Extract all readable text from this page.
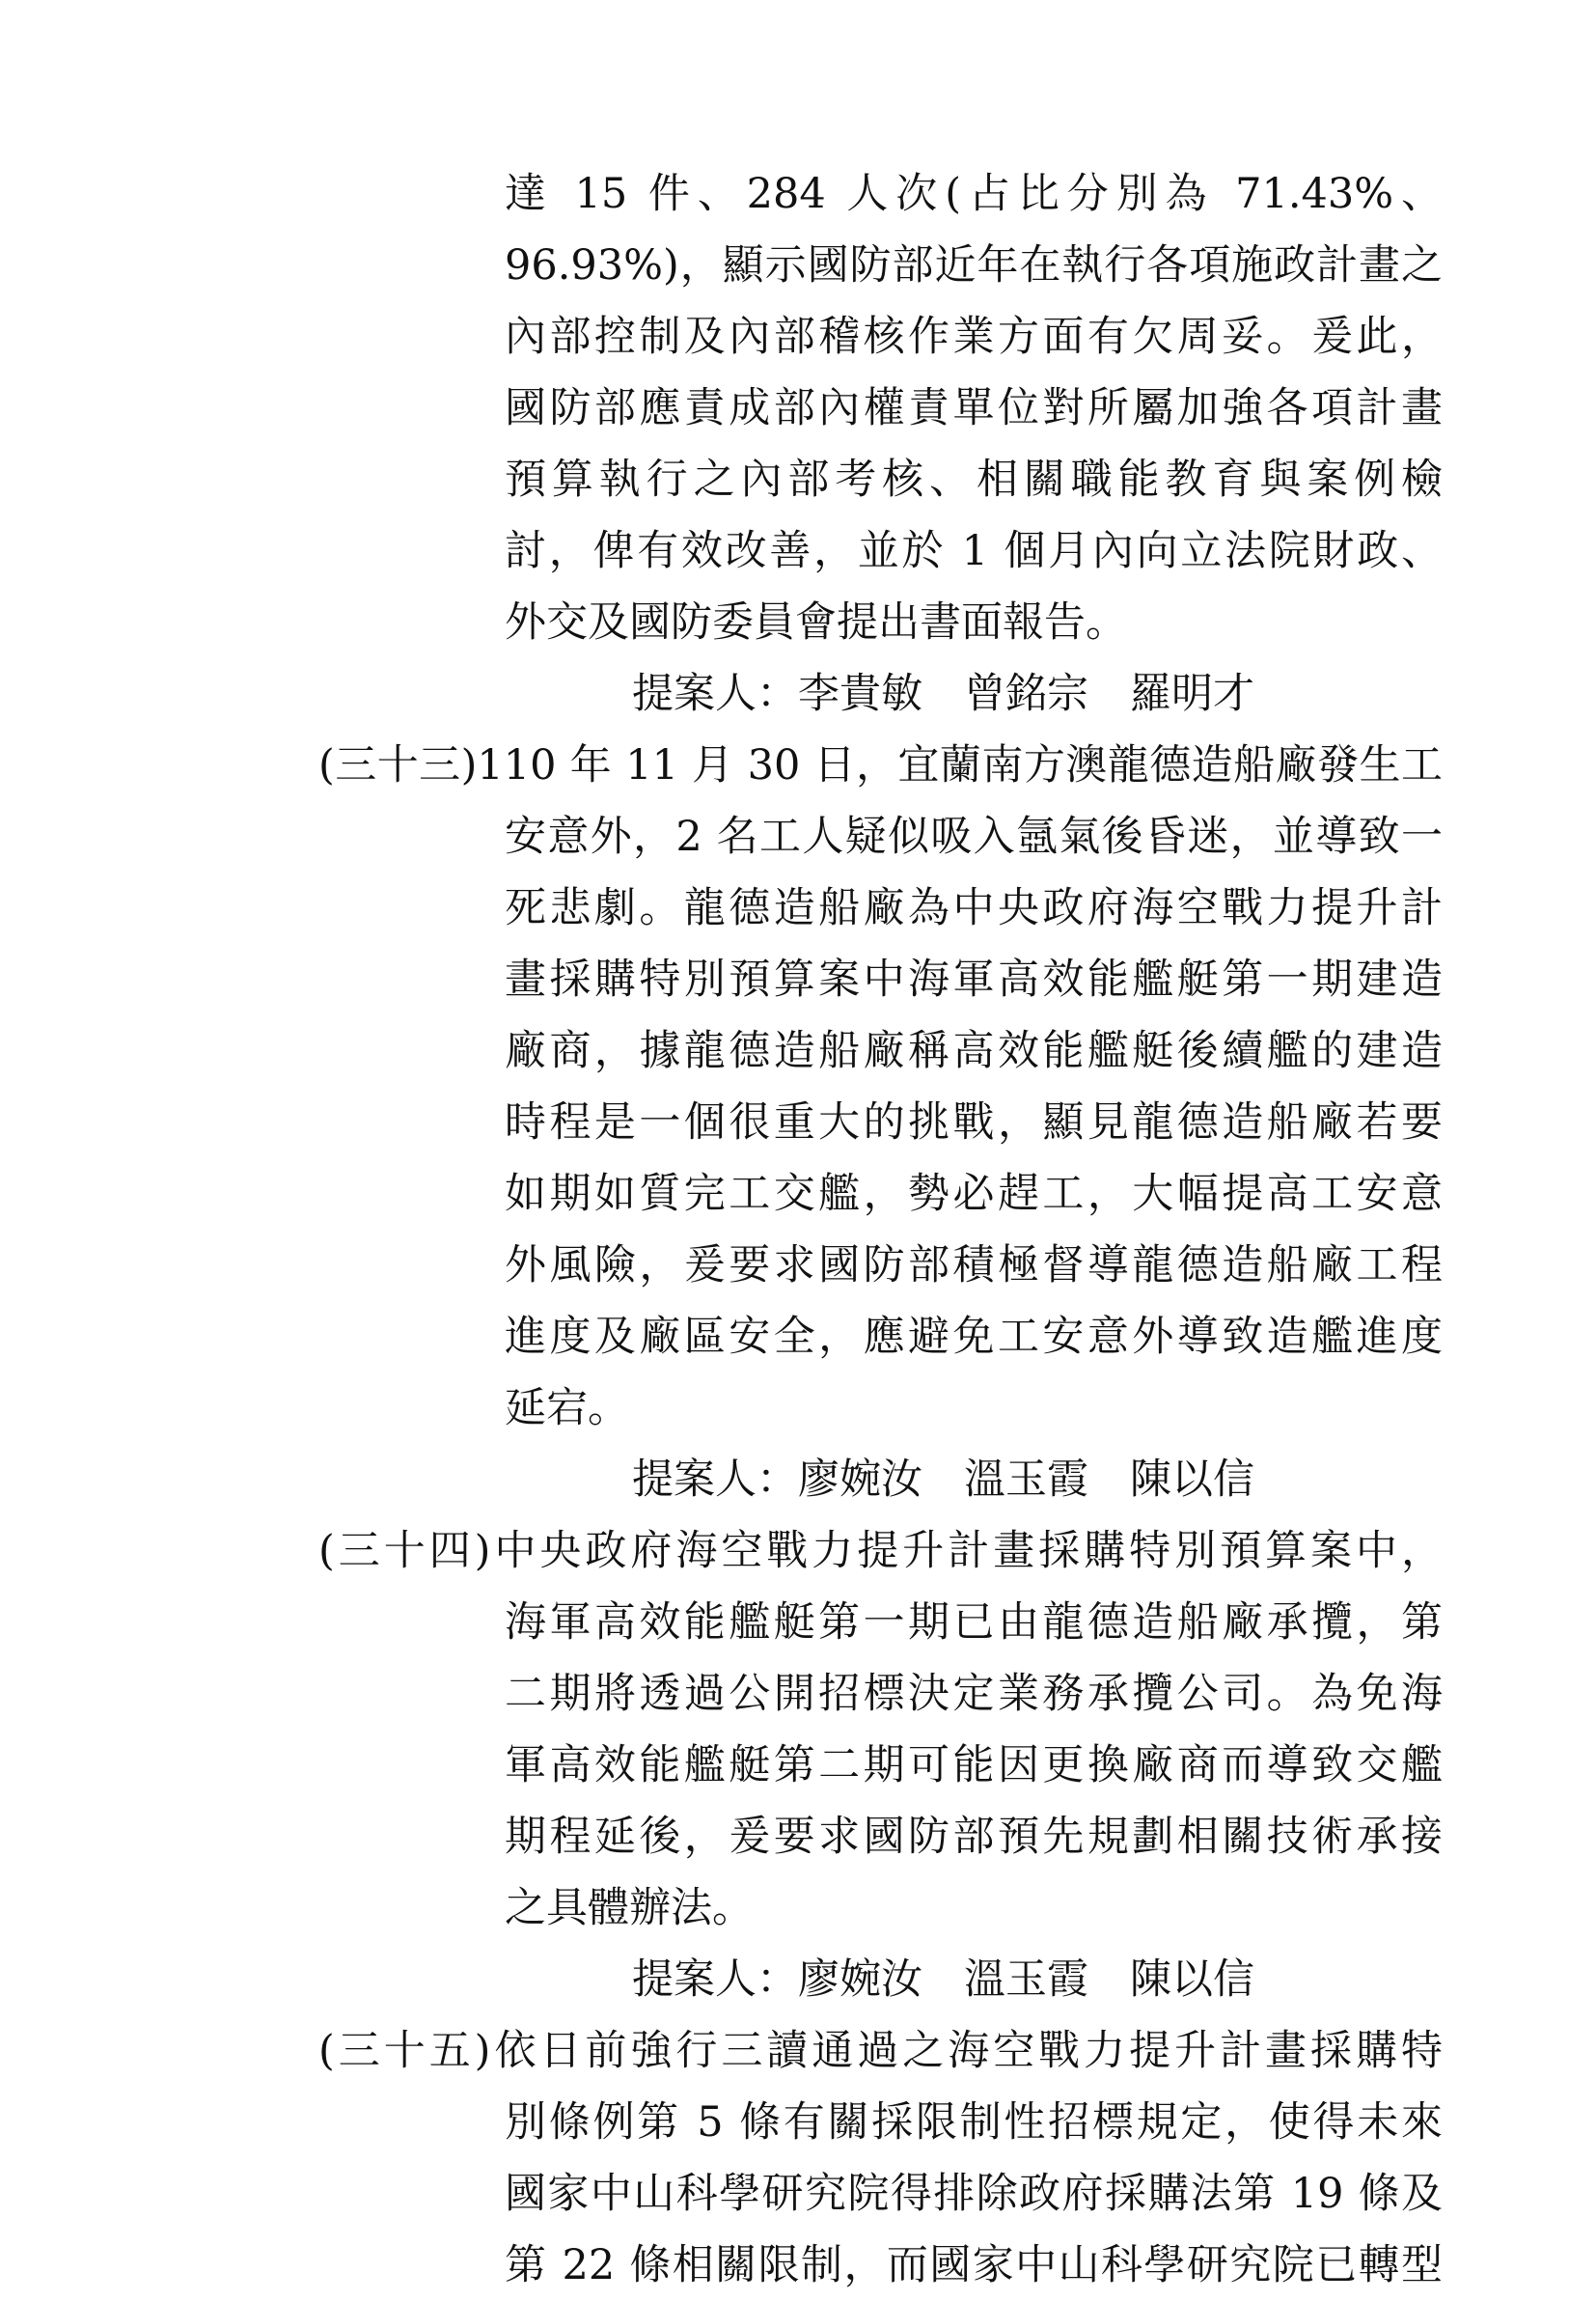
達 15 件、284 人次(占比分別為 71.43%、
96.93%)，顯示國防部近年在執行各項施政計畫之
內部控制及內部稽核作業方面有欠周妥。爰此，
國防部應責成部內權責單位對所屬加強各項計畫
預算執行之內部考核、相關職能教育與案例檢
討，俾有效改善，並於 1 個月內向立法院財政、
外交及國防委員會提出書面報告。
提案人：李貴敏　曾銘宗　羅明才
(三十三)110 年 11 月 30 日，宜蘭南方澳龍德造船廠發生工
安意外，2 名工人疑似吸入氬氣後昏迷，並導致一
死悲劇。龍德造船廠為中央政府海空戰力提升計
畫採購特別預算案中海軍高效能艦艇第一期建造
廠商，據龍德造船廠稱高效能艦艇後續艦的建造
時程是一個很重大的挑戰，顯見龍德造船廠若要
如期如質完工交艦，勢必趕工，大幅提高工安意
外風險，爰要求國防部積極督導龍德造船廠工程
進度及廠區安全，應避免工安意外導致造艦進度
延宕。
提案人：廖婉汝　溫玉霞　陳以信
(三十四)中央政府海空戰力提升計畫採購特別預算案中，
海軍高效能艦艇第一期已由龍德造船廠承攬，第
二期將透過公開招標決定業務承攬公司。為免海
軍高效能艦艇第二期可能因更換廠商而導致交艦
期程延後，爰要求國防部預先規劃相關技術承接
之具體辦法。
提案人：廖婉汝　溫玉霞　陳以信
(三十五)依日前強行三讀通過之海空戰力提升計畫採購特
別條例第 5 條有關採限制性招標規定，使得未來
國家中山科學研究院得排除政府採購法第 19 條及
第 22 條相關限制，而國家中山科學研究院已轉型
